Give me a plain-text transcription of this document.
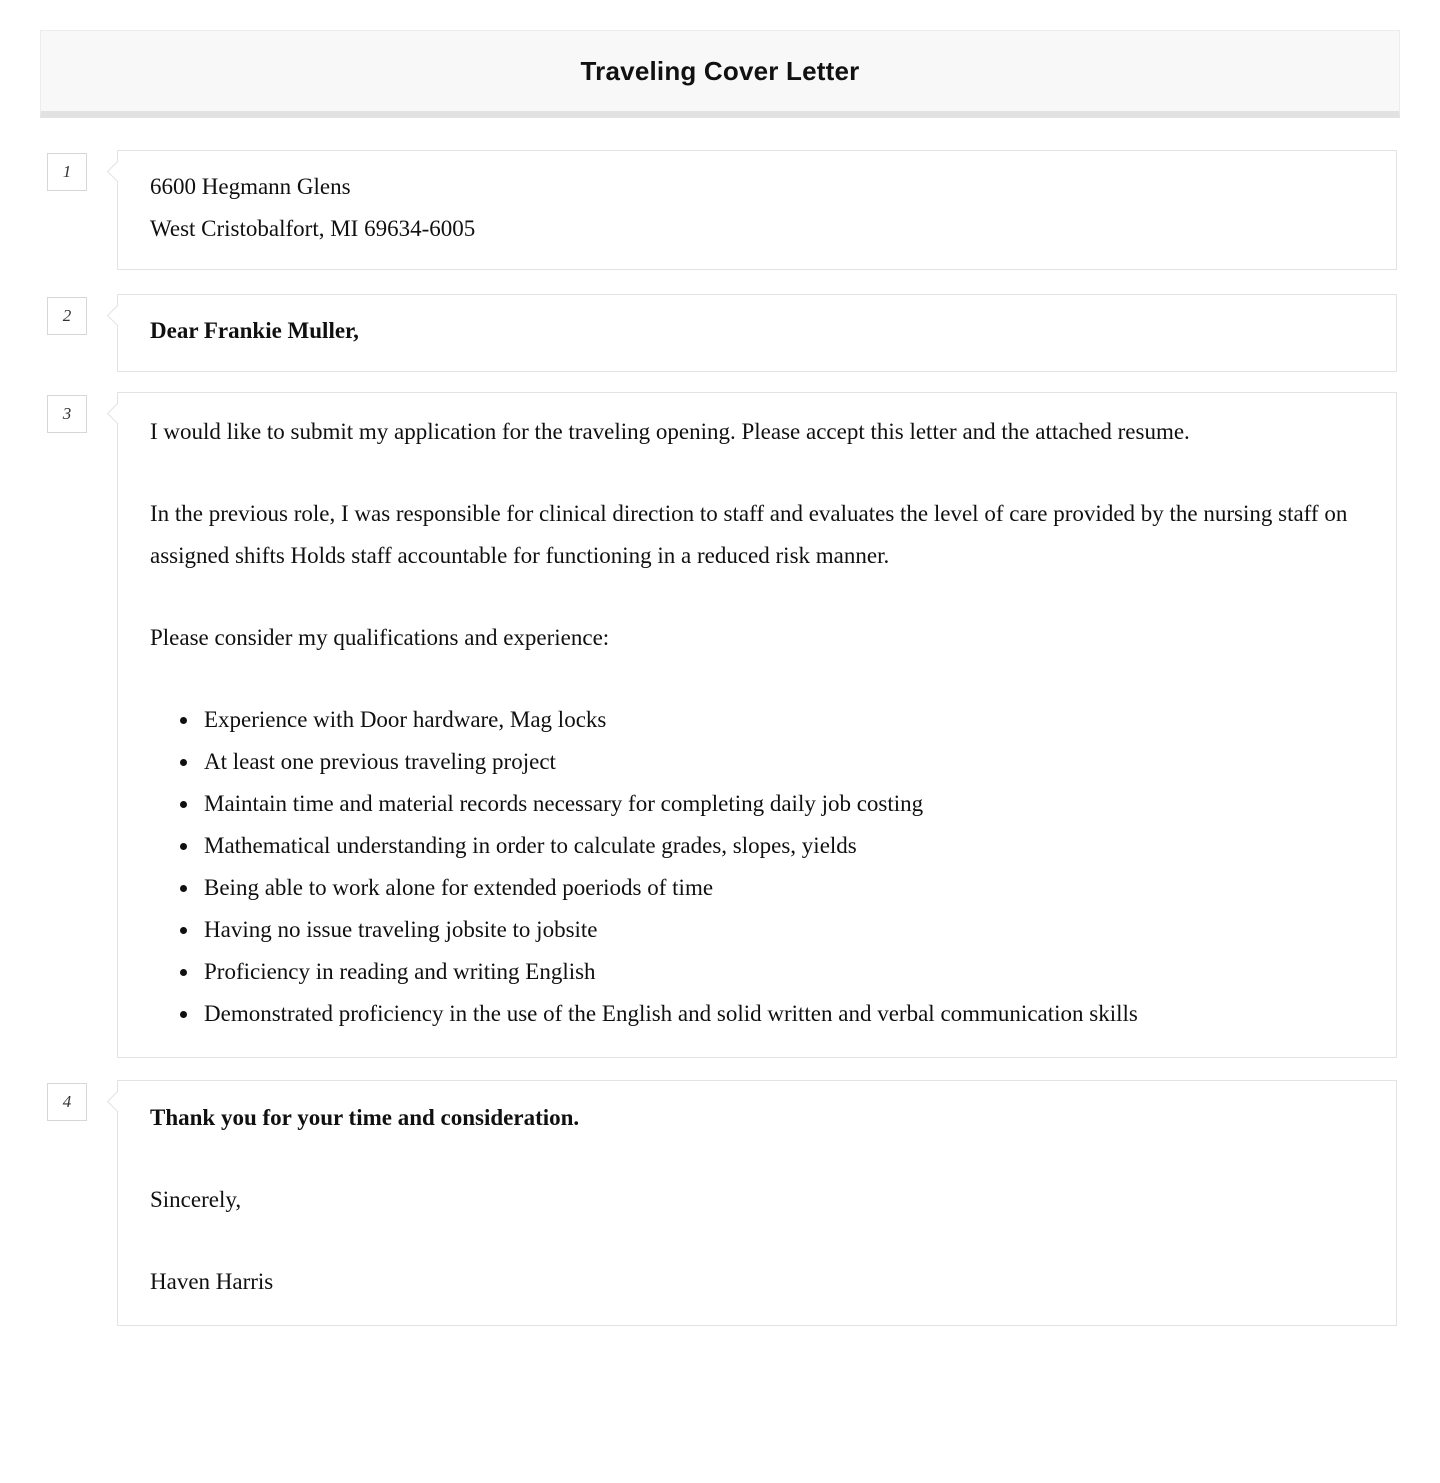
Traveling Cover Letter
1

6600 Hegmann Glens

West Cristobalfort, MI 69634-6005

2

Dear Frankie Muller,

3

I would like to submit my application for the traveling opening. Please accept this letter and the attached resume.

In the previous role, I was responsible for clinical direction to staff and evaluates the level of care provided by the nursing staff on assigned shifts Holds staff accountable for functioning in a reduced risk manner.

Please consider my qualifications and experience:

• Experience with Door hardware, Mag locks
• At least one previous traveling project
• Maintain time and material records necessary for completing daily job costing
• Mathematical understanding in order to calculate grades, slopes, yields
• Being able to work alone for extended poeriods of time
• Having no issue traveling jobsite to jobsite
• Proficiency in reading and writing English
• Demonstrated proficiency in the use of the English and solid written and verbal communication skills
4

Thank you for your time and consideration.

Sincerely,

Haven Harris
